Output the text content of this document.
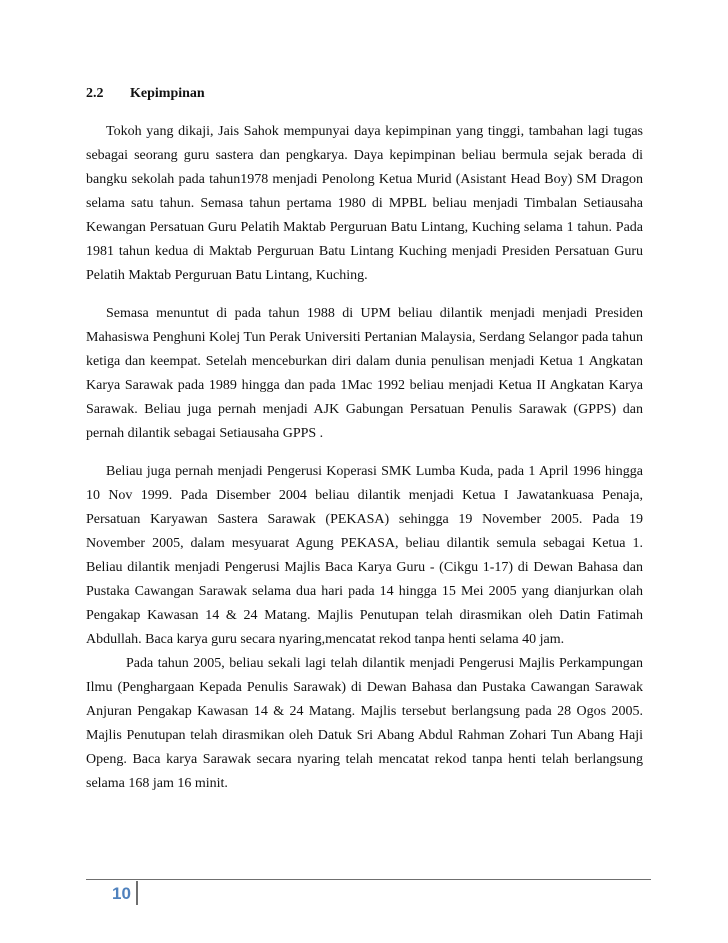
2.2 Kepimpinan

Tokoh yang dikaji, Jais Sahok mempunyai daya kepimpinan yang tinggi, tambahan lagi tugas sebagai seorang guru sastera dan pengkarya. Daya kepimpinan beliau bermula sejak berada di bangku sekolah pada tahun1978 menjadi Penolong Ketua Murid (Asistant Head Boy) SM Dragon selama satu tahun. Semasa tahun pertama 1980 di MPBL beliau menjadi Timbalan Setiausaha Kewangan Persatuan Guru Pelatih Maktab Perguruan Batu Lintang, Kuching selama 1 tahun. Pada 1981 tahun kedua di Maktab Perguruan Batu Lintang Kuching menjadi Presiden Persatuan Guru Pelatih Maktab Perguruan Batu Lintang, Kuching.

Semasa menuntut di pada tahun 1988 di UPM beliau dilantik menjadi menjadi Presiden Mahasiswa Penghuni Kolej Tun Perak Universiti Pertanian Malaysia, Serdang Selangor pada tahun ketiga dan keempat. Setelah menceburkan diri dalam dunia penulisan menjadi Ketua 1 Angkatan Karya Sarawak pada 1989 hingga dan pada 1Mac 1992 beliau menjadi Ketua II Angkatan Karya Sarawak. Beliau juga pernah menjadi AJK Gabungan Persatuan Penulis Sarawak (GPPS) dan pernah dilantik sebagai Setiausaha GPPS .

Beliau juga pernah menjadi Pengerusi Koperasi SMK Lumba Kuda, pada 1 April 1996 hingga 10 Nov 1999. Pada Disember 2004 beliau dilantik menjadi Ketua I Jawatankuasa Penaja, Persatuan Karyawan Sastera Sarawak (PEKASA) sehingga 19 November 2005. Pada 19 November 2005, dalam mesyuarat Agung PEKASA, beliau dilantik semula sebagai Ketua 1. Beliau dilantik menjadi Pengerusi Majlis Baca Karya Guru - (Cikgu 1-17) di Dewan Bahasa dan Pustaka Cawangan Sarawak selama dua hari pada 14 hingga 15 Mei 2005 yang dianjurkan olah Pengakap Kawasan 14 & 24 Matang. Majlis Penutupan telah dirasmikan oleh Datin Fatimah Abdullah. Baca karya guru secara nyaring,mencatat rekod tanpa henti selama 40 jam.

Pada tahun 2005, beliau sekali lagi telah dilantik menjadi Pengerusi Majlis Perkampungan Ilmu (Penghargaan Kepada Penulis Sarawak) di Dewan Bahasa dan Pustaka Cawangan Sarawak Anjuran Pengakap Kawasan 14 & 24 Matang. Majlis tersebut berlangsung pada 28 Ogos 2005. Majlis Penutupan telah dirasmikan oleh Datuk Sri Abang Abdul Rahman Zohari Tun Abang Haji Openg. Baca karya Sarawak secara nyaring telah mencatat rekod tanpa henti telah berlangsung selama 168 jam 16 minit.

10
